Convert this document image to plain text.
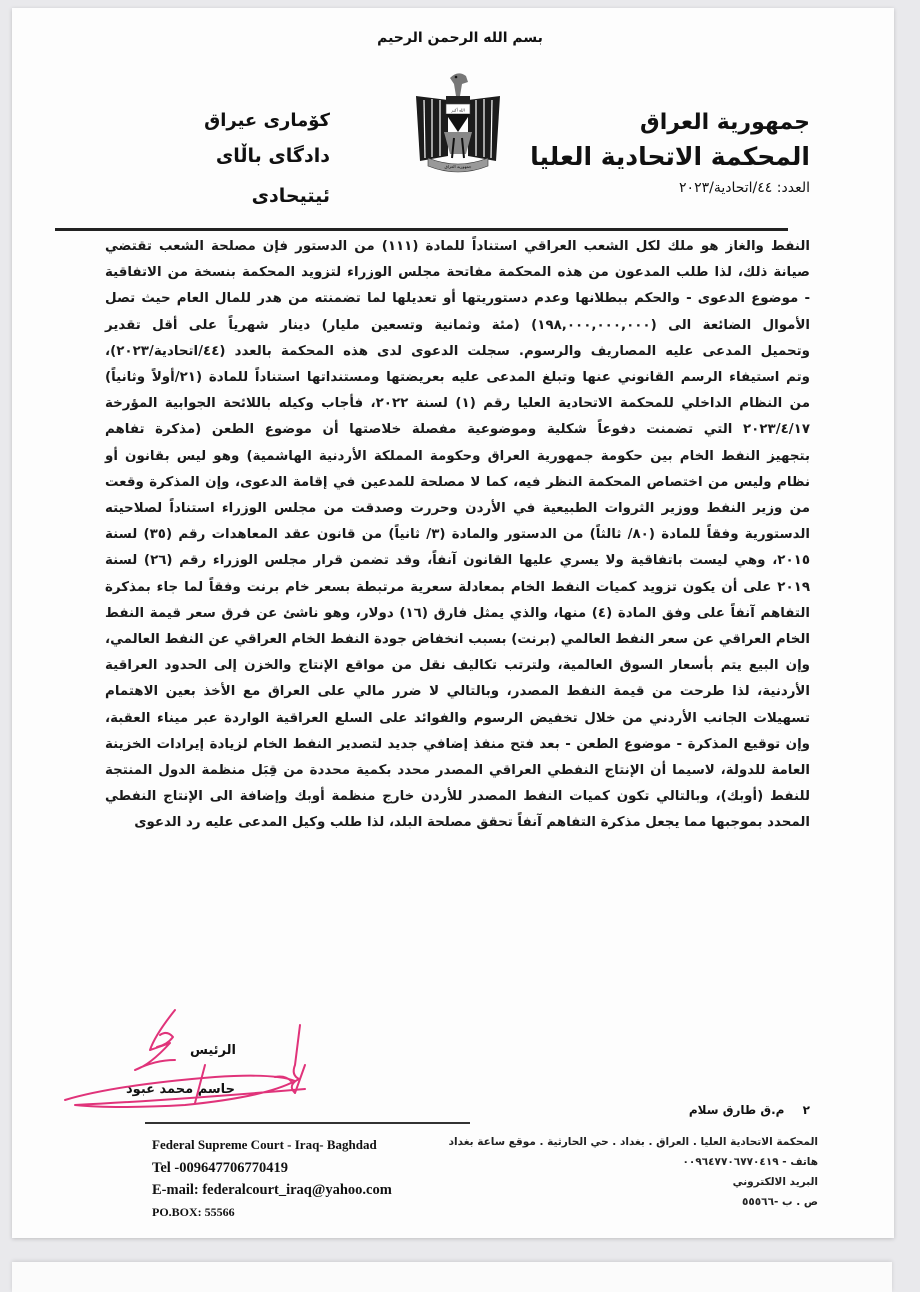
بسم الله الرحمن الرحيم
الله أكبر
جمهورية العراق
جمهورية العراق
المحكمة الاتحادية العليا
العدد: ٤٤/اتحادية/٢٠٢٣
كۆماری عیراق
دادگای باڵای ئیتیحادی

النفط والغاز هو ملك لكل الشعب العراقي استناداً للمادة (١١١) من الدستور فإن مصلحة الشعب تقتضي

صيانة ذلك، لذا طلب المدعون من هذه المحكمة مفاتحة مجلس الوزراء لتزويد المحكمة بنسخة من الاتفاقية

- موضوع الدعوى - والحكم ببطلانها وعدم دستوريتها أو تعديلها لما تضمنته من هدر للمال العام حيث تصل

الأموال الضائعة الى (١٩٨,٠٠٠,٠٠٠,٠٠٠) (مئة وثمانية وتسعين مليار) دينار شهرياً على أقل تقدير

وتحميل المدعى عليه المصاريف والرسوم. سجلت الدعوى لدى هذه المحكمة بالعدد (٤٤/اتحادية/٢٠٢٣)،

وتم استيفاء الرسم القانوني عنها وتبلغ المدعى عليه بعريضتها ومستنداتها استناداً للمادة (٢١/أولاً وثانياً)

من النظام الداخلي للمحكمة الاتحادية العليا رقم (١) لسنة ٢٠٢٢، فأجاب وكيله باللائحة الجوابية المؤرخة

٢٠٢٣/٤/١٧ التي تضمنت دفوعاً شكلية وموضوعية مفصلة خلاصتها أن موضوع الطعن (مذكرة تفاهم

بتجهيز النفط الخام بين حكومة جمهورية العراق وحكومة المملكة الأردنية الهاشمية) وهو ليس بقانون أو

نظام وليس من اختصاص المحكمة النظر فيه، كما لا مصلحة للمدعين في إقامة الدعوى، وإن المذكرة وقعت

من وزير النفط ووزير الثروات الطبيعية في الأردن وحررت وصدقت من مجلس الوزراء استناداً لصلاحيته

الدستورية وفقاً للمادة (٨٠/ ثالثاً) من الدستور والمادة (٣/ ثانياً) من قانون عقد المعاهدات رقم (٣٥) لسنة

٢٠١٥، وهي ليست باتفاقية ولا يسري عليها القانون آنفاً، وقد تضمن قرار مجلس الوزراء رقم (٢٦) لسنة

٢٠١٩ على أن يكون تزويد كميات النفط الخام بمعادلة سعرية مرتبطة بسعر خام برنت وفقاً لما جاء بمذكرة

التفاهم آنفاً على وفق المادة (٤) منها، والذي يمثل فارق (١٦) دولار، وهو ناشئ عن فرق سعر قيمة النفط

الخام العراقي عن سعر النفط العالمي (برنت) بسبب انخفاض جودة النفط الخام العراقي عن النفط العالمي،

وإن البيع يتم بأسعار السوق العالمية، ولترتب تكاليف نقل من مواقع الإنتاج والخزن إلى الحدود العراقية

الأردنية، لذا طرحت من قيمة النفط المصدر، وبالتالي لا ضرر مالي على العراق مع الأخذ بعين الاهتمام

تسهيلات الجانب الأردني من خلال تخفيض الرسوم والفوائد على السلع العراقية الواردة عبر ميناء العقبة،

وإن توقيع المذكرة - موضوع الطعن - بعد فتح منفذ إضافي جديد لتصدير النفط الخام لزيادة إيرادات الخزينة

العامة للدولة، لاسيما أن الإنتاج النفطي العراقي المصدر محدد بكمية محددة من قِبَل منظمة الدول المنتجة

للنفط (أوبك)، وبالتالي تكون كميات النفط المصدر للأردن خارج منظمة أوبك وإضافة الى الإنتاج النفطي

المحدد بموجبها مما يجعل مذكرة التفاهم آنفاً تحقق مصلحة البلد، لذا طلب وكيل المدعى عليه رد الدعوى

الرئيس
جاسم محمد عبود
٢ م.ق طارق سلام
المحكمة الاتحادية العليا . العراق . بغداد . حي الحارثية . موقع ساعة بغداد
هاتف - ٠٠٩٦٤٧٧٠٦٧٧٠٤١٩
البريد الالكتروني
ص . ب -٥٥٥٦٦
Federal Supreme Court - Iraq- Baghdad
Tel -009647706770419
E-mail: federalcourt_iraq@yahoo.com
PO.BOX: 55566
